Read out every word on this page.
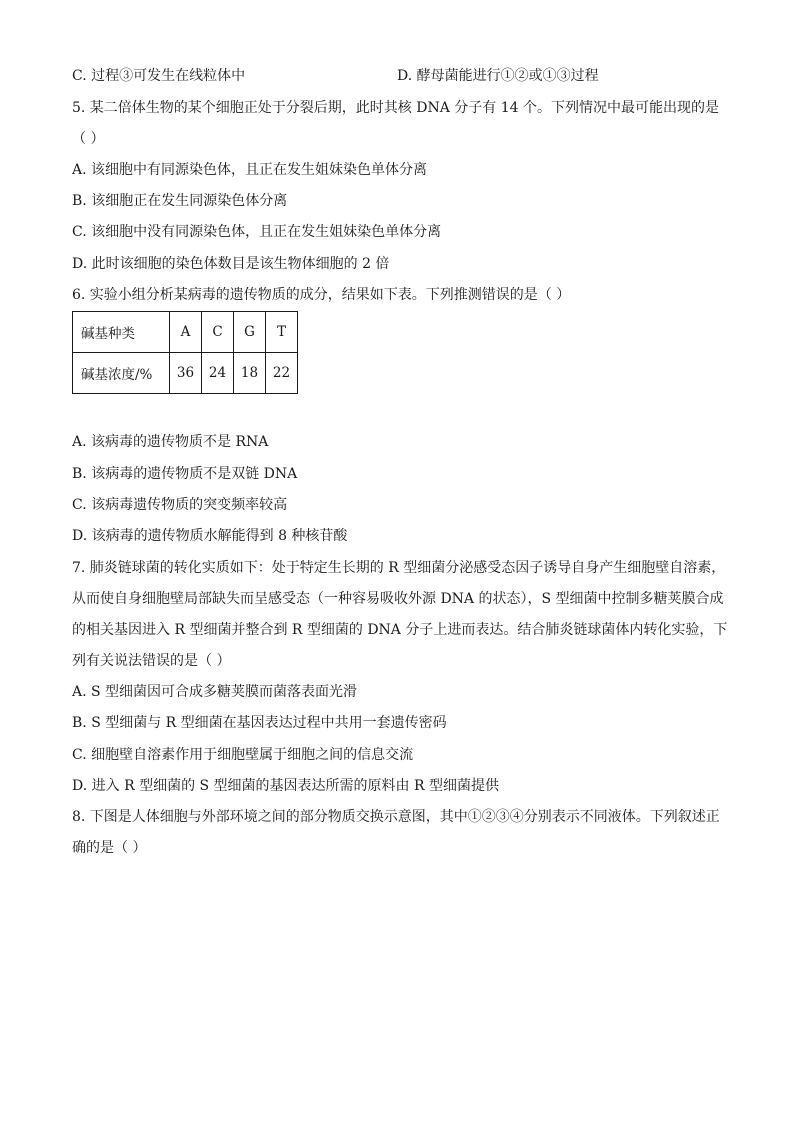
C. 过程③可发生在线粒体中	D. 酵母菌能进行①②或①③过程
5. 某二倍体生物的某个细胞正处于分裂后期，此时其核 DNA 分子有 14 个。下列情况中最可能出现的是
（ ）
A. 该细胞中有同源染色体，且正在发生姐妹染色单体分离
B. 该细胞正在发生同源染色体分离
C. 该细胞中没有同源染色体，且正在发生姐妹染色单体分离
D. 此时该细胞的染色体数目是该生物体细胞的 2 倍
6. 实验小组分析某病毒的遗传物质的成分，结果如下表。下列推测错误的是（ ）
碱基种类	A	C	G	T
碱基浓度/%	36	24	18	22
A. 该病毒的遗传物质不是 RNA
B. 该病毒的遗传物质不是双链 DNA
C. 该病毒遗传物质的突变频率较高
D. 该病毒的遗传物质水解能得到 8 种核苷酸
7. 肺炎链球菌的转化实质如下：处于特定生长期的 R 型细菌分泌感受态因子诱导自身产生细胞壁自溶素，
从而使自身细胞壁局部缺失而呈感受态（一种容易吸收外源 DNA 的状态），S 型细菌中控制多糖荚膜合成
的相关基因进入 R 型细菌并整合到 R 型细菌的 DNA 分子上进而表达。结合肺炎链球菌体内转化实验，下
列有关说法错误的是（ ）
A. S 型细菌因可合成多糖荚膜而菌落表面光滑
B. S 型细菌与 R 型细菌在基因表达过程中共用一套遗传密码
C. 细胞壁自溶素作用于细胞壁属于细胞之间的信息交流
D. 进入 R 型细菌的 S 型细菌的基因表达所需的原料由 R 型细菌提供
8. 下图是人体细胞与外部环境之间的部分物质交换示意图，其中①②③④分别表示不同液体。下列叙述正
确的是（ ）
